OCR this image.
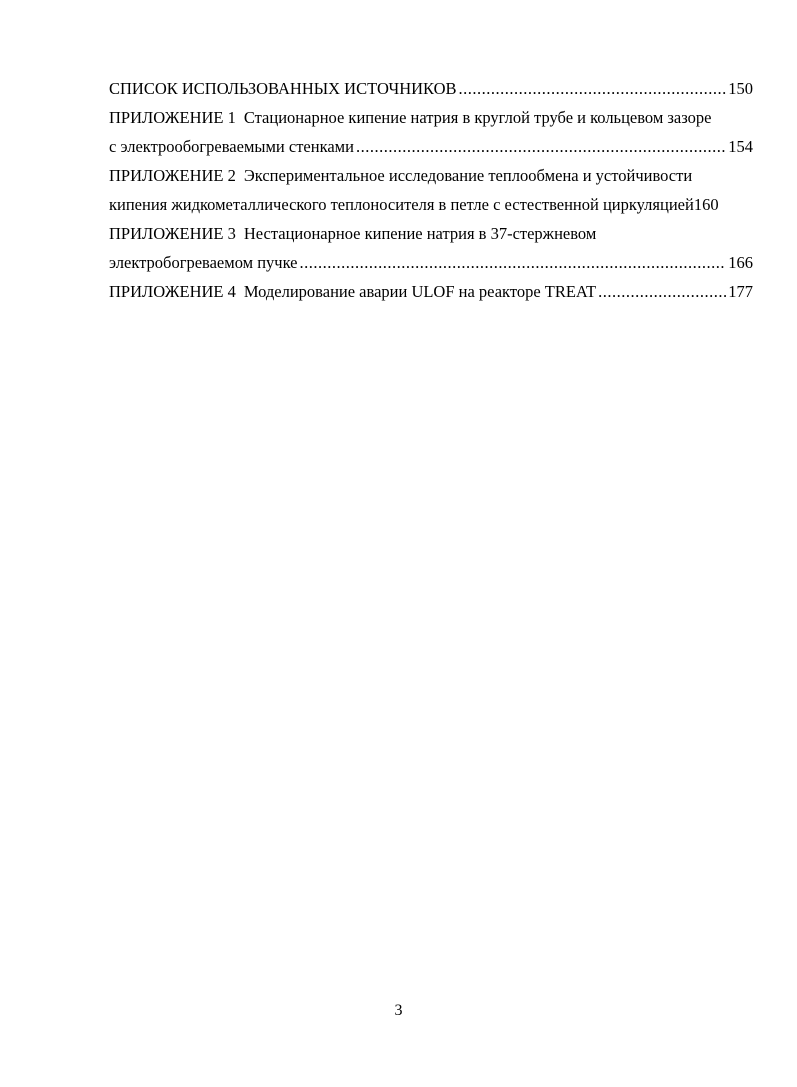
СПИСОК ИСПОЛЬЗОВАННЫХ ИСТОЧНИКОВ .....	150
ПРИЛОЖЕНИЕ 1 Стационарное кипение натрия в круглой трубе и кольцевом зазоре
с электрообогреваемыми стенками .....	154
ПРИЛОЖЕНИЕ 2 Экспериментальное исследование теплообмена и устойчивости
кипения жидкометаллического теплоносителя в петле с естественной циркуляцией 160
ПРИЛОЖЕНИЕ 3 Нестационарное кипение натрия в 37-стержневом
электробогреваемом пучке .....	166
ПРИЛОЖЕНИЕ 4 Моделирование аварии ULOF на реакторе TREAT .....	177
3
